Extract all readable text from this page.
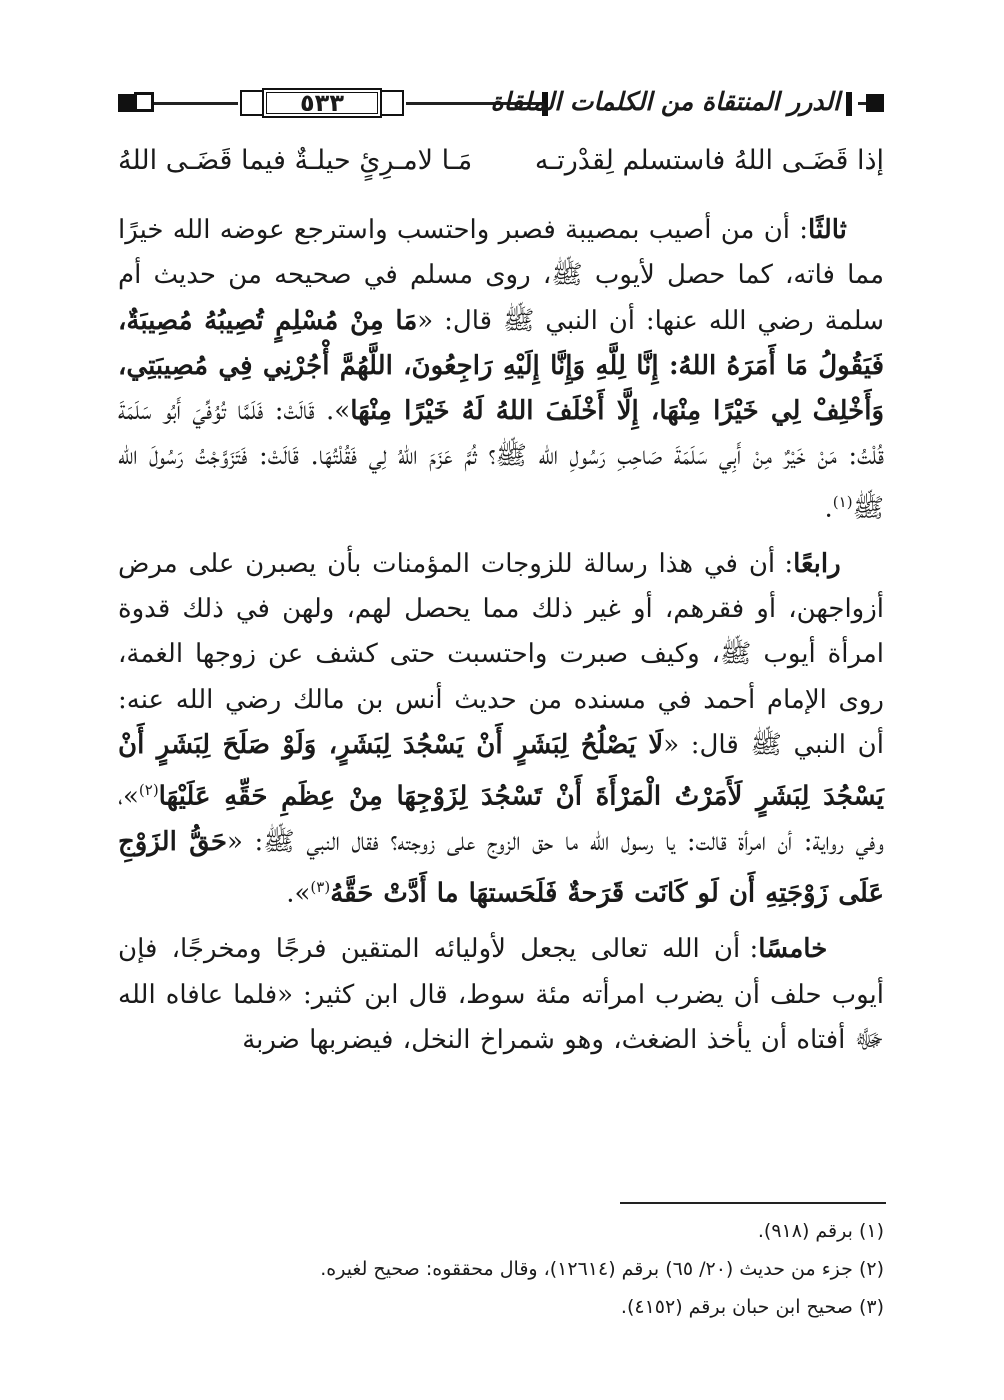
٥٣٣	الدرر المنتقاة من الكلمات الملقاة
إذا قَضَـى اللهُ فاستسلم لِقدْرتـه
مَـا لامـرِئٍ حيلـةٌ فيما قَضَـى اللهُ
ثالثًا: أن من أصيب بمصيبة فصبر واحتسب واسترجع عوضه الله خيرًا مما فاته، كما حصل لأيوب ﷺ، روى مسلم في صحيحه من حديث أم سلمة رضي الله عنها: أن النبي ﷺ قال: «مَا مِنْ مُسْلِمٍ تُصِيبُهُ مُصِيبَةٌ، فَيَقُولُ مَا أَمَرَهُ اللهُ: إِنَّا لِلَّهِ وَإِنَّا إِلَيْهِ رَاجِعُونَ، اللَّهُمَّ أْجُرْنِي فِي مُصِيبَتِي، وَأَخْلِفْ لِي خَيْرًا مِنْهَا، إِلَّا أَخْلَفَ اللهُ لَهُ خَيْرًا مِنْهَا». قَالَتْ: فَلَمَّا تُوُفِّيَ أَبُو سَلَمَةَ قُلْتُ: مَنْ خَيْرٌ مِنْ أَبِي سَلَمَةَ صَاحِبِ رَسُولِ الله ﷺ؟ ثُمَّ عَزَمَ اللهُ لِي فَقُلْتُهَا. قَالَتْ: فَتَزَوَّجْتُ رَسُولَ الله ﷺ$^{(١)}$.
رابعًا: أن في هذا رسالة للزوجات المؤمنات بأن يصبرن على مرض أزواجهن، أو فقرهم، أو غير ذلك مما يحصل لهم، ولهن في ذلك قدوة امرأة أيوب ﷺ، وكيف صبرت واحتسبت حتى كشف عن زوجها الغمة، روى الإمام أحمد في مسنده من حديث أنس بن مالك رضي الله عنه: أن النبي ﷺ قال: «لَا يَصْلُحُ لِبَشَرٍ أَنْ يَسْجُدَ لِبَشَرٍ، وَلَوْ صَلَحَ لِبَشَرٍ أَنْ يَسْجُدَ لِبَشَرٍ لَأَمَرْتُ الْمَرْأَةَ أَنْ تَسْجُدَ لِزَوْجِهَا مِنْ عِظَمِ حَقِّهِ عَلَيْهَا$^{(٢)}$»، وفي رواية: أن امرأة قالت: يا رسول الله ما حق الزوج على زوجته؟ فقال النبي ﷺ: «حَقُّ الزَوْجِ عَلَى زَوْجَتِهِ أَن لَو كَانَت قَرَحةٌ فَلَحَستهَا ما أَدَّتْ حَقَّهُ$^{(٣)}$».
خامسًا: أن الله تعالى يجعل لأوليائه المتقين فرجًا ومخرجًا، فإن أيوب حلف أن يضرب امرأته مئة سوط، قال ابن كثير: «فلما عافاه الله ﷻ أفتاه أن يأخذ الضغث، وهو شمراخ النخل، فيضربها ضربة
(١) برقم (٩١٨).
(٢) جزء من حديث (٢٠/ ٦٥) برقم (١٢٦١٤)، وقال محققوه: صحيح لغيره.
(٣) صحيح ابن حبان برقم (٤١٥٢).
